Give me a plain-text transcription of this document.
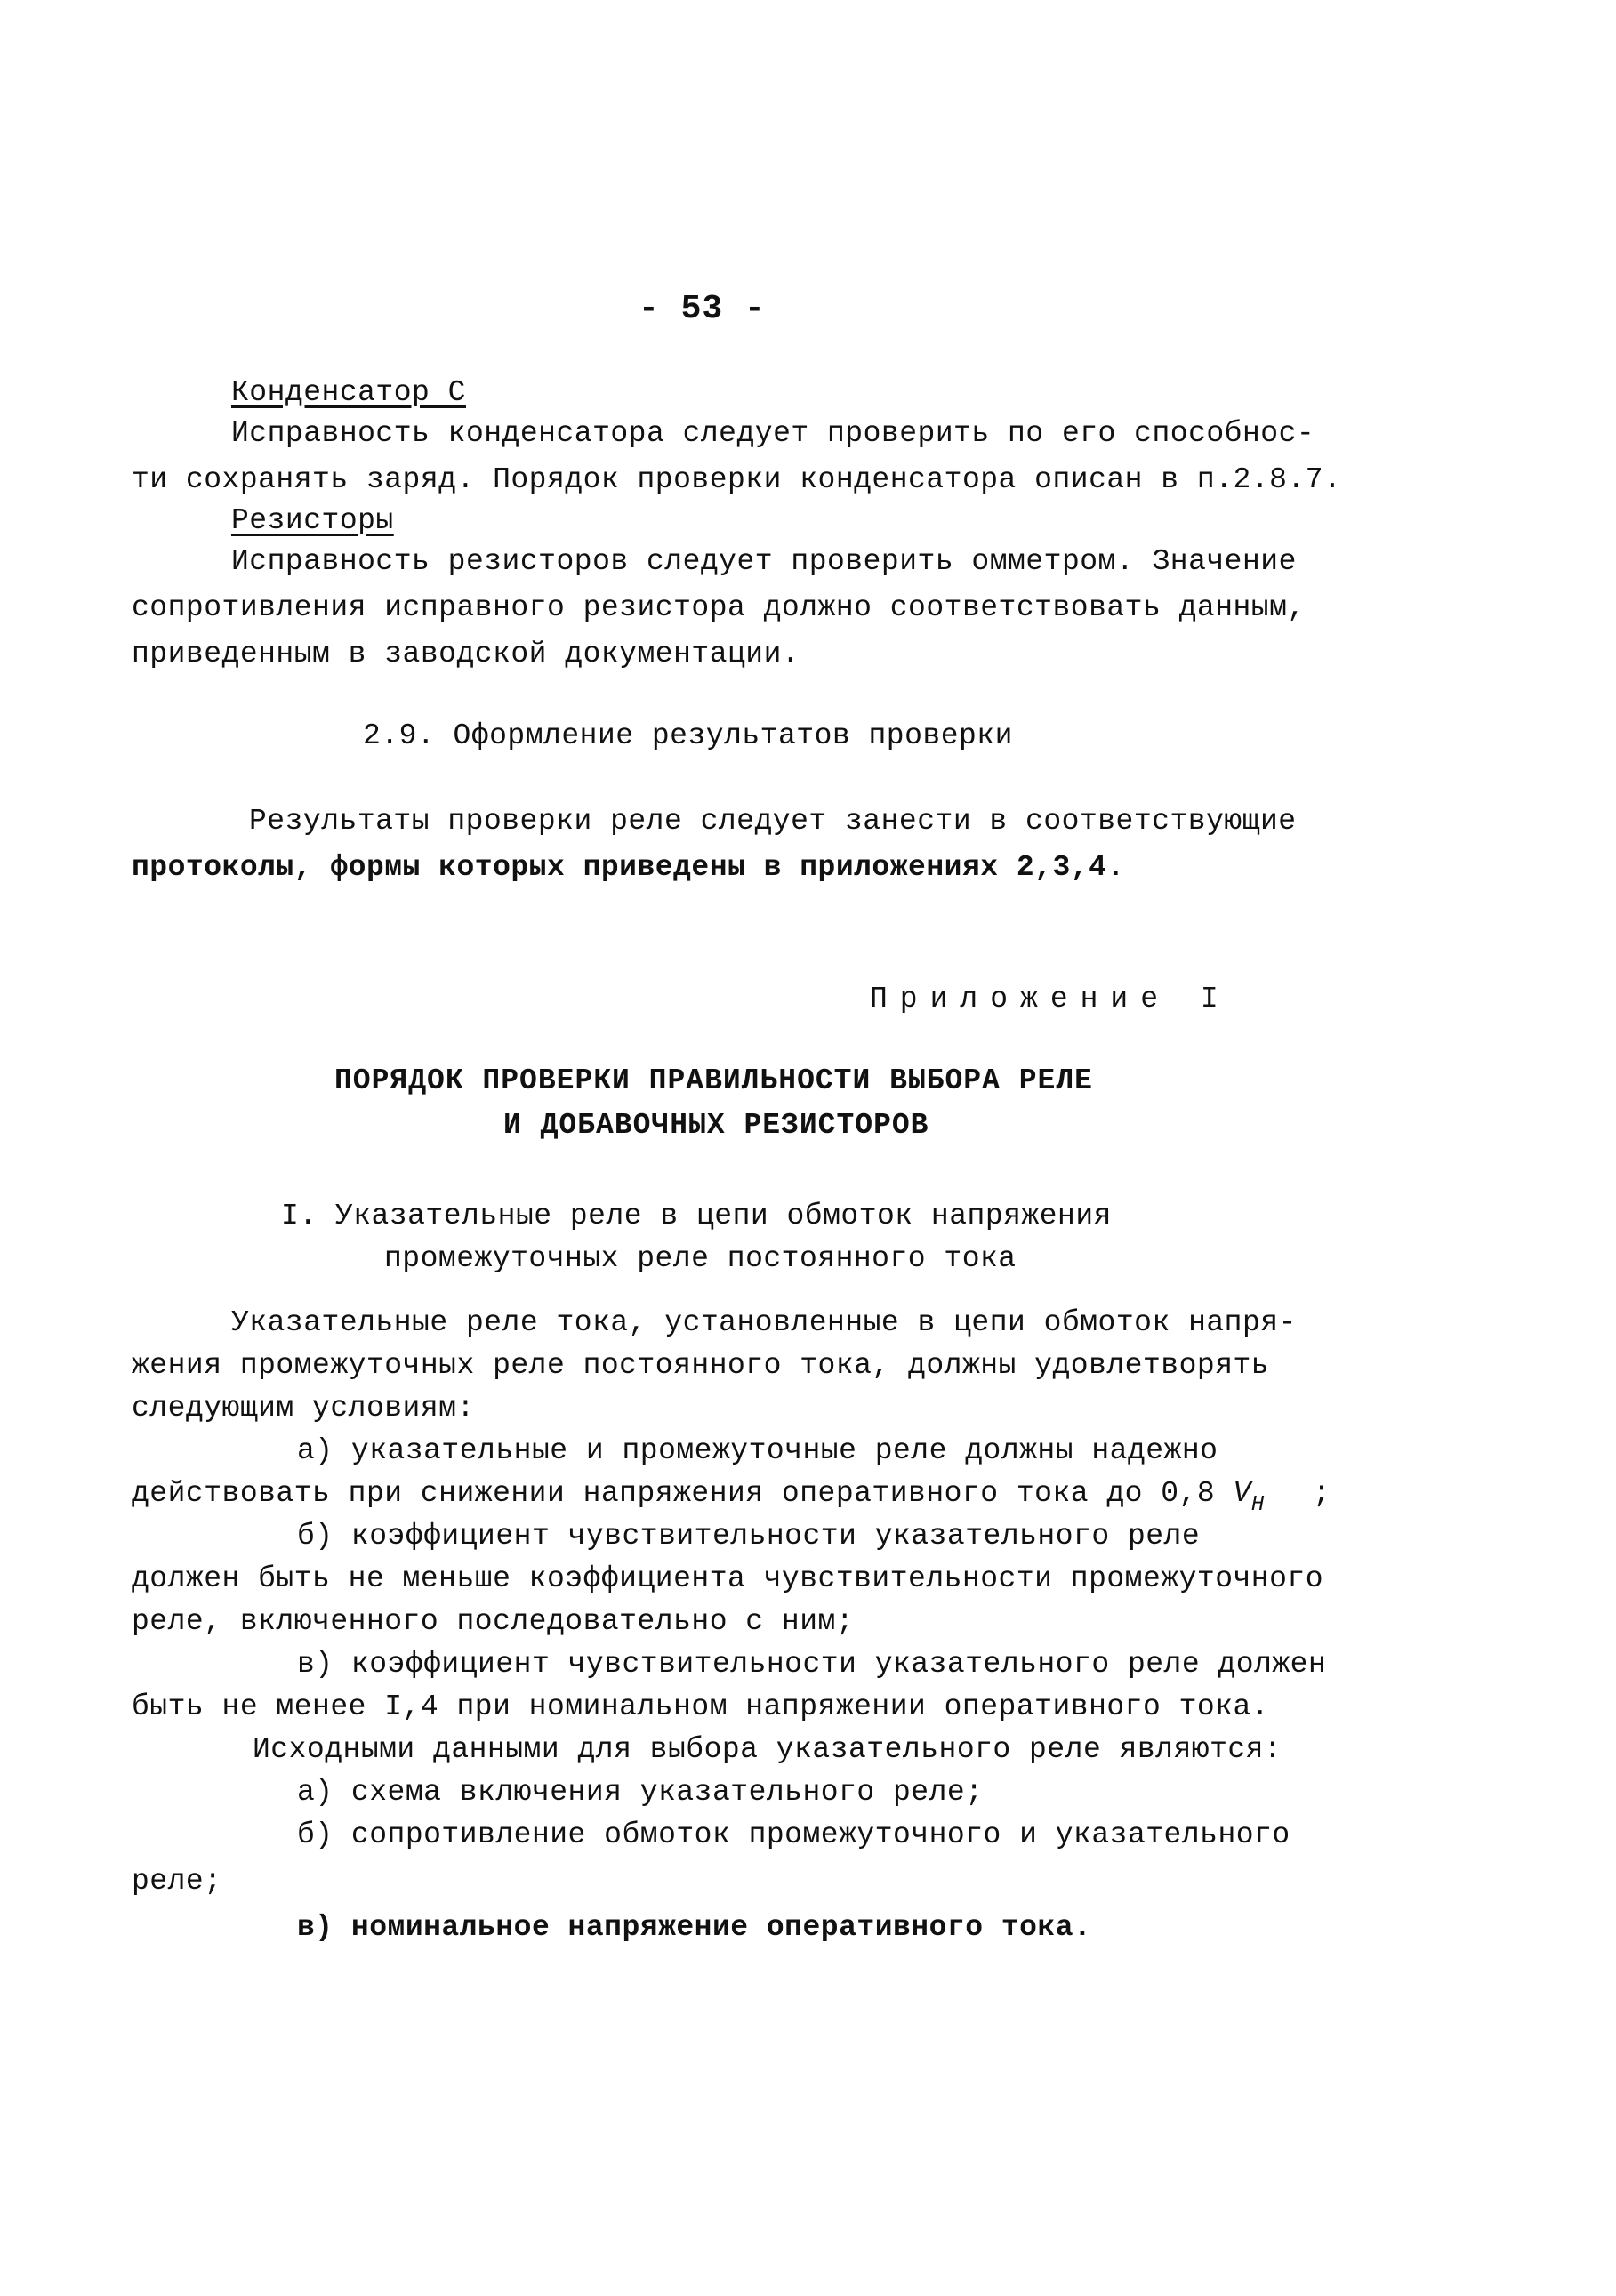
- 53 -
Конденсатор С
Исправность конденсатора следует проверить по его способнос-
ти сохранять заряд. Порядок проверки конденсатора описан в п.2.8.7.
Резисторы
Исправность резисторов следует проверить омметром. Значение
сопротивления исправного резистора должно соответствовать данным,
приведенным в заводской документации.
2.9. Оформление результатов проверки
Результаты проверки реле следует занести в соответствующие
протоколы, формы которых приведены в приложениях 2,3,4.
Приложение I
ПОРЯДОК ПРОВЕРКИ ПРАВИЛЬНОСТИ ВЫБОРА РЕЛЕ
И ДОБАВОЧНЫХ РЕЗИСТОРОВ
I. Указательные реле в цепи обмоток напряжения
промежуточных реле постоянного тока
Указательные реле тока, установленные в цепи обмоток напря-
жения промежуточных реле постоянного тока, должны удовлетворять
следующим условиям:
а) указательные и промежуточные реле должны надежно
действовать при снижении напряжения оперативного тока до 0,8 $V_H$ ;
б) коэффициент чувствительности указательного реле
должен быть не меньше коэффициента чувствительности промежуточного
реле, включенного последовательно с ним;
в) коэффициент чувствительности указательного реле должен
быть не менее I,4 при номинальном напряжении оперативного тока.
Исходными данными для выбора указательного реле являются:
а) схема включения указательного реле;
б) сопротивление обмоток промежуточного и указательного
реле;
в) номинальное напряжение оперативного тока.
